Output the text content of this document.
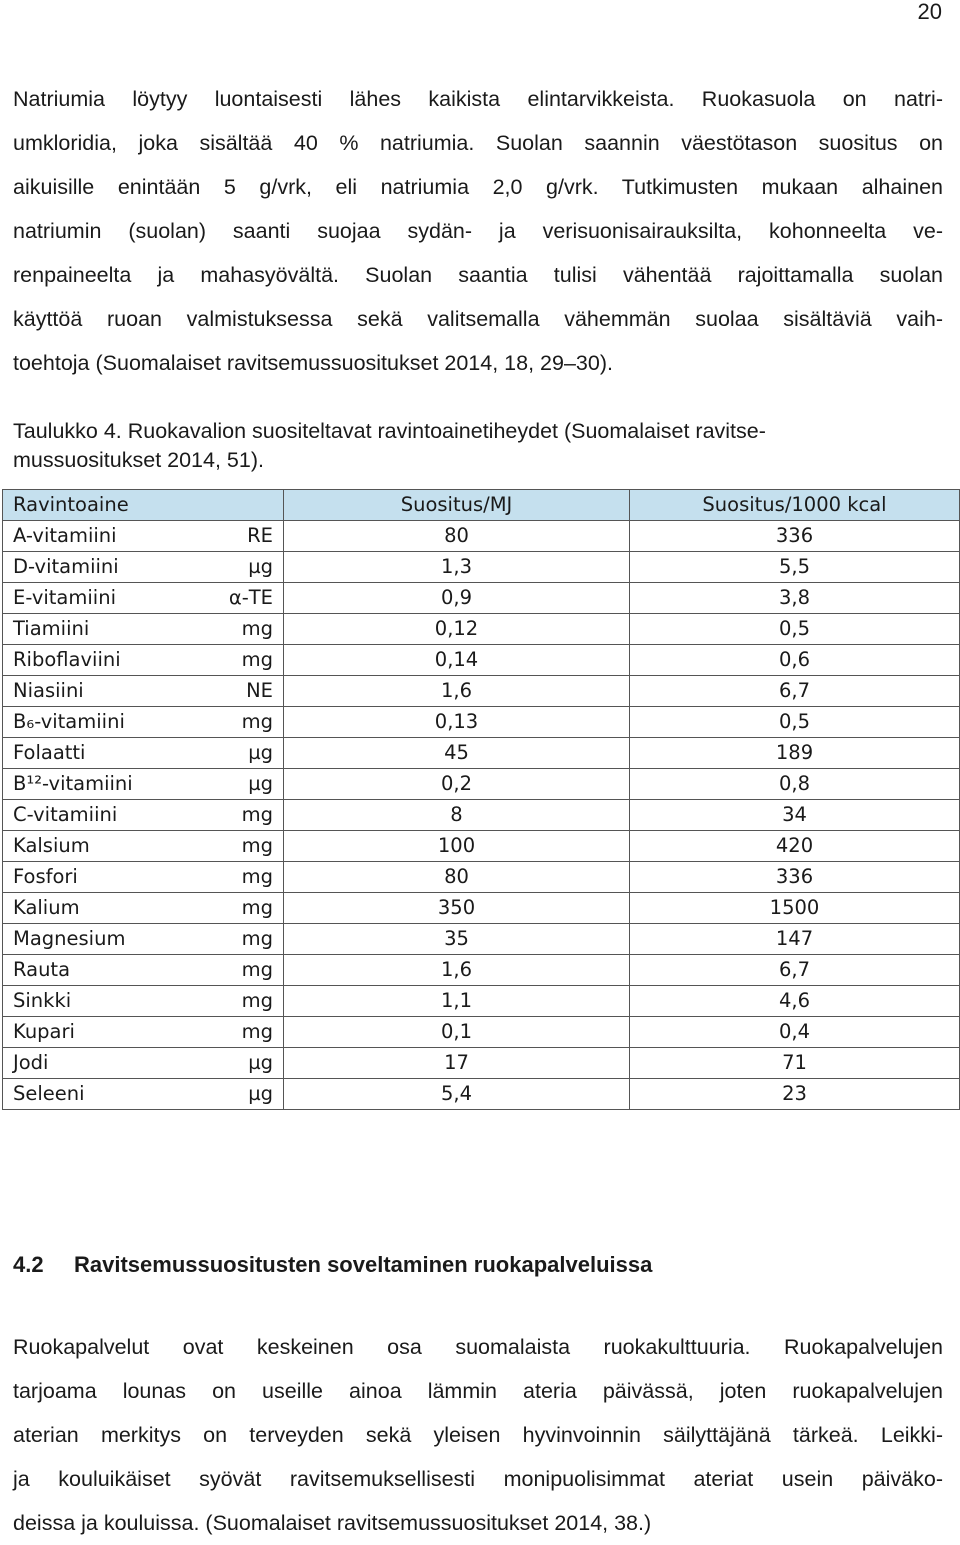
20
Natriumia löytyy luontaisesti lähes kaikista elintarvikkeista. Ruokasuola on natri-
umkloridia, joka sisältää 40 % natriumia. Suolan saannin väestötason suositus on
aikuisille enintään 5 g/vrk, eli natriumia 2,0 g/vrk. Tutkimusten mukaan alhainen
natriumin (suolan) saanti suojaa sydän- ja verisuonisairauksilta, kohonneelta ve-
renpaineelta ja mahasyövältä. Suolan saantia tulisi vähentää rajoittamalla suolan
käyttöä ruoan valmistuksessa sekä valitsemalla vähemmän suolaa sisältäviä vaih-
toehtoja (Suomalaiset ravitsemussuositukset 2014, 18, 29–30).
Taulukko 4. Ruokavalion suositeltavat ravintoainetiheydet (Suomalaiset ravitse-
mussuositukset 2014, 51).
Ravintoaine	Suositus/MJ	Suositus/1000 kcal

A-vitamiini RE	80	336

D-vitamiini µg	1,3	5,5

E-vitamiini α-TE	0,9	3,8

Tiamiini mg	0,12	0,5

Riboflaviini mg	0,14	0,6

Niasiini NE	1,6	6,7

B₆-vitamiini mg	0,13	0,5

Folaatti µg	45	189

B¹²-vitamiini µg	0,2	0,8

C-vitamiini mg	8	34

Kalsium mg	100	420

Fosfori mg	80	336

Kalium mg	350	1500

Magnesium mg	35	147

Rauta mg	1,6	6,7

Sinkki mg	1,1	4,6

Kupari mg	0,1	0,4

Jodi µg	17	71

Seleeni µg	5,4	23
4.2 Ravitsemussuositusten soveltaminen ruokapalveluissa
Ruokapalvelut ovat keskeinen osa suomalaista ruokakulttuuria. Ruokapalvelujen
tarjoama lounas on useille ainoa lämmin ateria päivässä, joten ruokapalvelujen
aterian merkitys on terveyden sekä yleisen hyvinvoinnin säilyttäjänä tärkeä. Leikki-
ja kouluikäiset syövät ravitsemuksellisesti monipuolisimmat ateriat usein päiväko-
deissa ja kouluissa. (Suomalaiset ravitsemussuositukset 2014, 38.)
